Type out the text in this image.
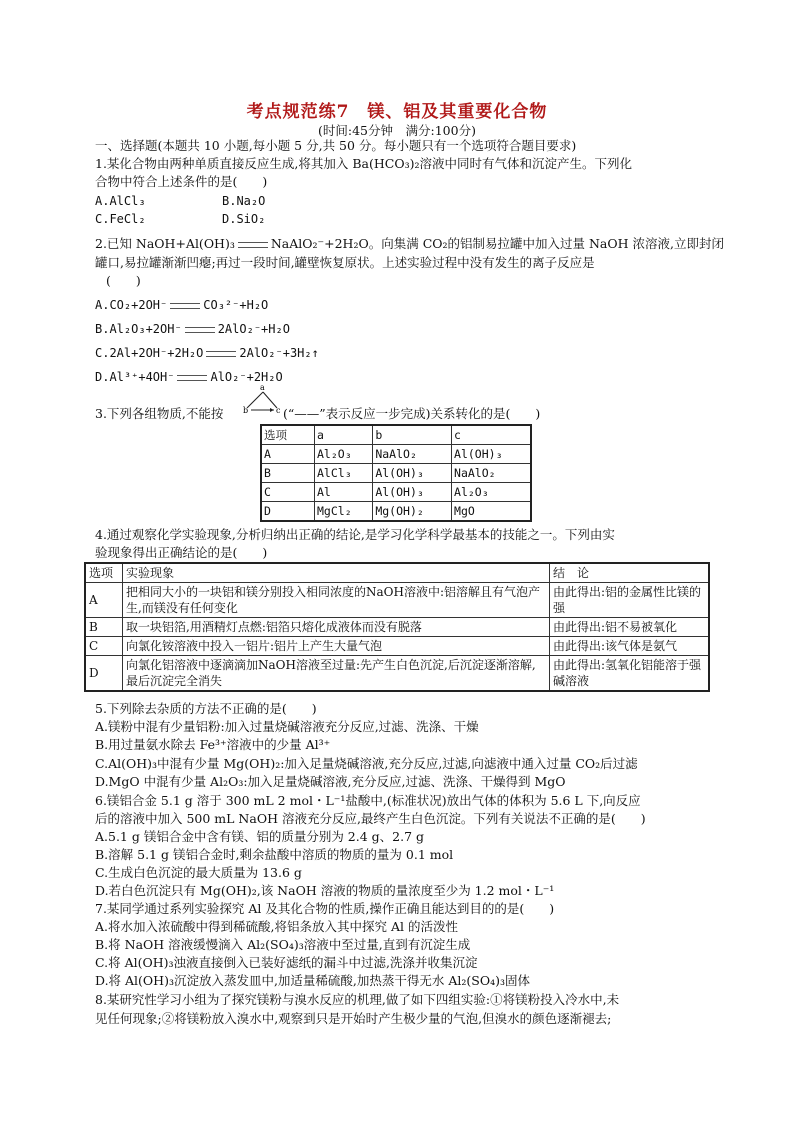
考点规范练7　镁、铝及其重要化合物
(时间:45分钟　满分:100分)
一、选择题(本题共 10 小题,每小题 5 分,共 50 分。每小题只有一个选项符合题目要求)
1.某化合物由两种单质直接反应生成,将其加入 Ba(HCO₃)₂溶液中同时有气体和沉淀产生。下列化
合物中符合上述条件的是(　　)
A.AlCl₃	B.Na₂O
C.FeCl₂	D.SiO₂
2.已知 NaOH+Al(OH)₃	NaAlO₂⁻+2H₂O。向集满 CO₂的铝制易拉罐中加入过量 NaOH 浓溶液,立即封闭
罐口,易拉罐渐渐凹瘪;再过一段时间,罐壁恢复原状。上述实验过程中没有发生的离子反应是
(　　)
A.CO₂+2OH⁻	CO₃²⁻+H₂O
B.Al₂O₃+2OH⁻	2AlO₂⁻+H₂O
C.2Al+2OH⁻+2H₂O	2AlO₂⁻+3H₂↑
D.Al³⁺+4OH⁻	AlO₂⁻+2H₂O
3.下列各组物质,不能按
a
b	c (“——”表示反应一步完成)关系转化的是(　　)
选项	a	b	c
A	Al₂O₃	NaAlO₂	Al(OH)₃
B	AlCl₃	Al(OH)₃	NaAlO₂
C	Al	Al(OH)₃	Al₂O₃
D	MgCl₂	Mg(OH)₂	MgO
4.通过观察化学实验现象,分析归纳出正确的结论,是学习化学科学最基本的技能之一。下列由实
验现象得出正确结论的是(　　)
选项	实验现象	结　论
A	把相同大小的一块铝和镁分别投入相同浓度的NaOH溶液中:铝溶解且有气泡产生,而镁没有任何变化	由此得出:铝的金属性比镁的强
B	取一块铝箔,用酒精灯点燃:铝箔只熔化成液体而没有脱落	由此得出:铝不易被氧化
C	向氯化铵溶液中投入一铝片:铝片上产生大量气泡	由此得出:该气体是氨气
D	向氯化铝溶液中逐滴滴加NaOH溶液至过量:先产生白色沉淀,后沉淀逐渐溶解,最后沉淀完全消失	由此得出:氢氧化铝能溶于强碱溶液
5.下列除去杂质的方法不正确的是(　　)
A.镁粉中混有少量铝粉:加入过量烧碱溶液充分反应,过滤、洗涤、干燥
B.用过量氨水除去 Fe³⁺溶液中的少量 Al³⁺
C.Al(OH)₃中混有少量 Mg(OH)₂:加入足量烧碱溶液,充分反应,过滤,向滤液中通入过量 CO₂后过滤
D.MgO 中混有少量 Al₂O₃:加入足量烧碱溶液,充分反应,过滤、洗涤、干燥得到 MgO
6.镁铝合金 5.1 g 溶于 300 mL 2 mol・L⁻¹盐酸中,(标准状况)放出气体的体积为 5.6 L 下,向反应
后的溶液中加入 500 mL NaOH 溶液充分反应,最终产生白色沉淀。下列有关说法不正确的是(　　)
A.5.1 g 镁铝合金中含有镁、铝的质量分别为 2.4 g、2.7 g
B.溶解 5.1 g 镁铝合金时,剩余盐酸中溶质的物质的量为 0.1 mol
C.生成白色沉淀的最大质量为 13.6 g
D.若白色沉淀只有 Mg(OH)₂,该 NaOH 溶液的物质的量浓度至少为 1.2 mol・L⁻¹
7.某同学通过系列实验探究 Al 及其化合物的性质,操作正确且能达到目的的是(　　)
A.将水加入浓硫酸中得到稀硫酸,将铝条放入其中探究 Al 的活泼性
B.将 NaOH 溶液缓慢滴入 Al₂(SO₄)₃溶液中至过量,直到有沉淀生成
C.将 Al(OH)₃浊液直接倒入已装好滤纸的漏斗中过滤,洗涤并收集沉淀
D.将 Al(OH)₃沉淀放入蒸发皿中,加适量稀硫酸,加热蒸干得无水 Al₂(SO₄)₃固体
8.某研究性学习小组为了探究镁粉与溴水反应的机理,做了如下四组实验:①将镁粉投入冷水中,未
见任何现象;②将镁粉放入溴水中,观察到只是开始时产生极少量的气泡,但溴水的颜色逐渐褪去;
